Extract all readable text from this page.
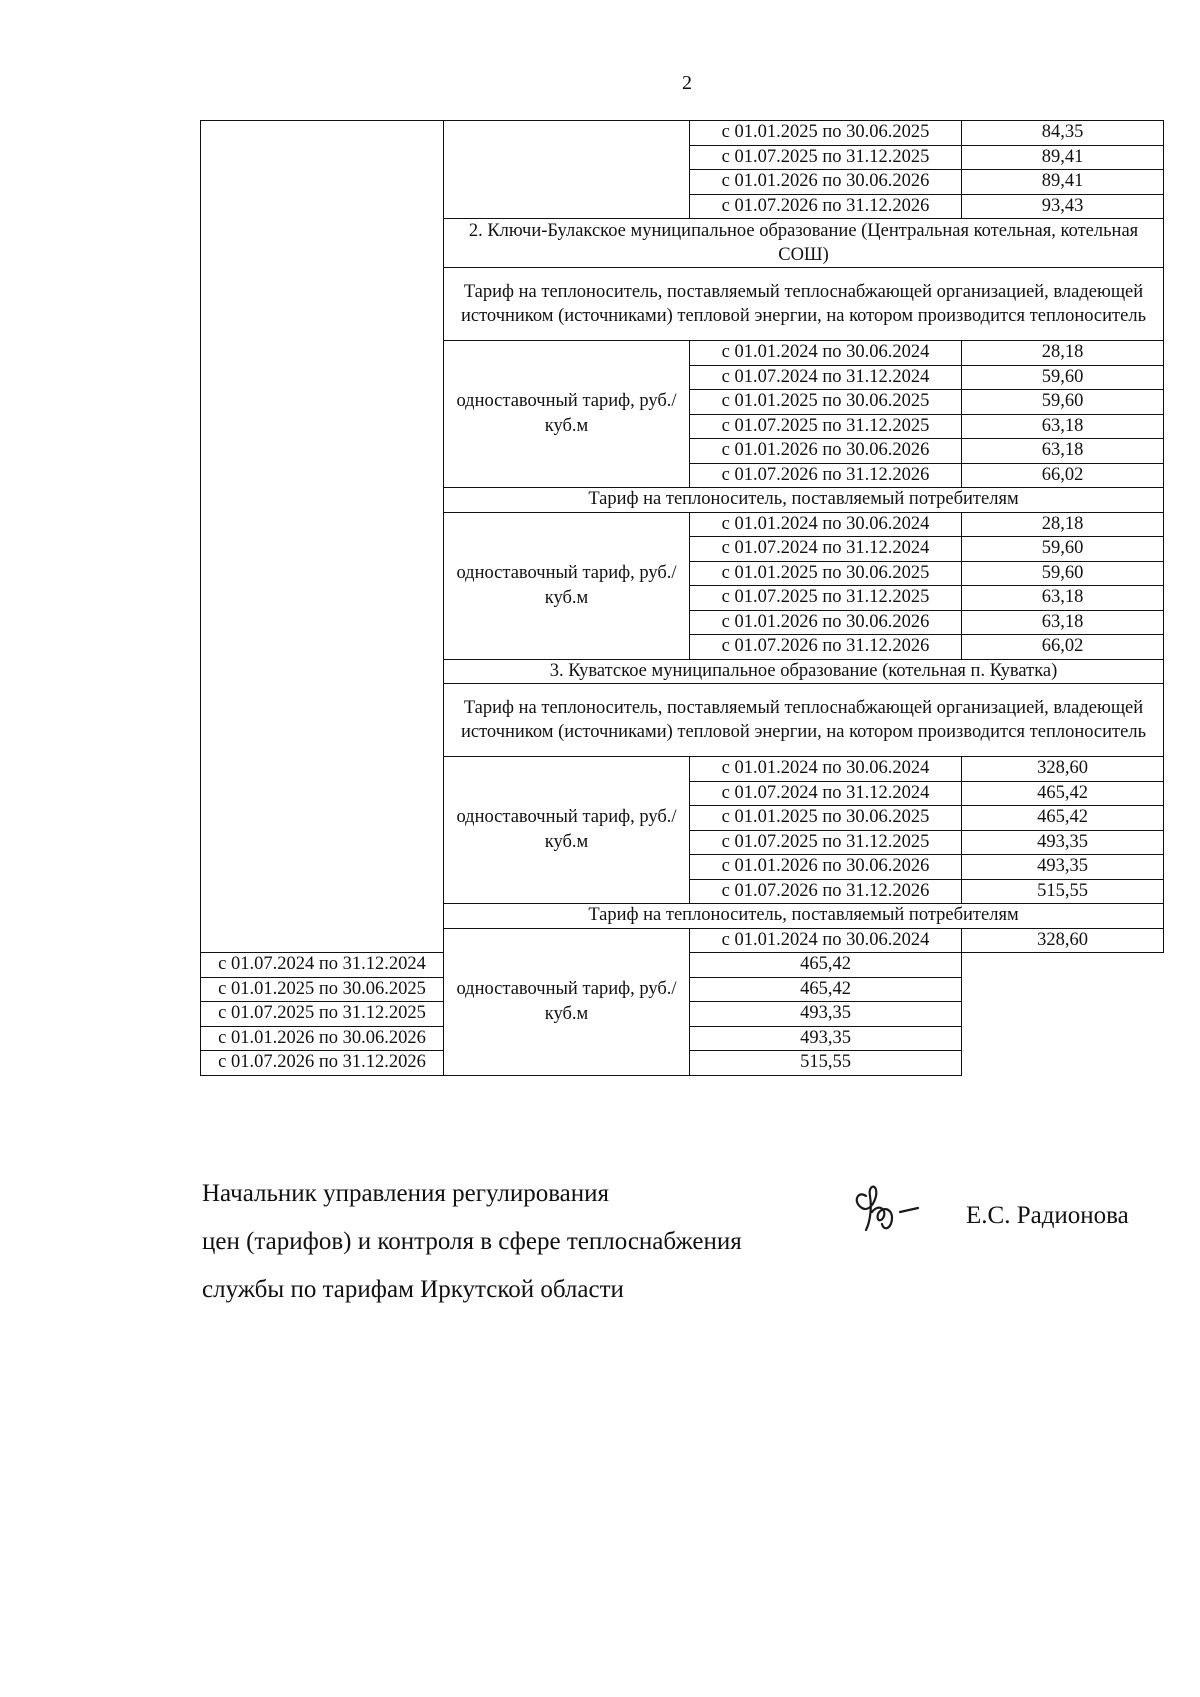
2
		с 01.01.2025 по 30.06.2025	84,35
		с 01.07.2025 по 31.12.2025	89,41
		с 01.01.2026 по 30.06.2026	89,41
		с 01.07.2026 по 31.12.2026	93,43
	2. Ключи-Булакское муниципальное образование (Центральная котельная, котельная СОШ)		
	Тариф на теплоноситель, поставляемый теплоснабжающей организацией, владеющей источником (источниками) тепловой энергии, на котором производится теплоноситель		
	одноставочный тариф, руб./куб.м	с 01.01.2024 по 30.06.2024	28,18
		с 01.07.2024 по 31.12.2024	59,60
		с 01.01.2025 по 30.06.2025	59,60
		с 01.07.2025 по 31.12.2025	63,18
		с 01.01.2026 по 30.06.2026	63,18
		с 01.07.2026 по 31.12.2026	66,02
	Тариф на теплоноситель, поставляемый потребителям		
	одноставочный тариф, руб./куб.м	с 01.01.2024 по 30.06.2024	28,18
		с 01.07.2024 по 31.12.2024	59,60
		с 01.01.2025 по 30.06.2025	59,60
		с 01.07.2025 по 31.12.2025	63,18
		с 01.01.2026 по 30.06.2026	63,18
		с 01.07.2026 по 31.12.2026	66,02
	3. Куватское муниципальное образование (котельная п. Куватка)		
	Тариф на теплоноситель, поставляемый теплоснабжающей организацией, владеющей источником (источниками) тепловой энергии, на котором производится теплоноситель		
	одноставочный тариф, руб./куб.м	с 01.01.2024 по 30.06.2024	328,60
		с 01.07.2024 по 31.12.2024	465,42
		с 01.01.2025 по 30.06.2025	465,42
		с 01.07.2025 по 31.12.2025	493,35
		с 01.01.2026 по 30.06.2026	493,35
		с 01.07.2026 по 31.12.2026	515,55
	Тариф на теплоноситель, поставляемый потребителям		
	одноставочный тариф, руб./куб.м	с 01.01.2024 по 30.06.2024	328,60
с 01.07.2024 по 31.12.2024		465,42	
с 01.01.2025 по 30.06.2025		465,42	
с 01.07.2025 по 31.12.2025		493,35	
с 01.01.2026 по 30.06.2026		493,35	
с 01.07.2026 по 31.12.2026		515,55	

Начальник управления регулирования

цен (тарифов) и контроля в сфере теплоснабжения

службы по тарифам Иркутской области

Е.С. Радионова
